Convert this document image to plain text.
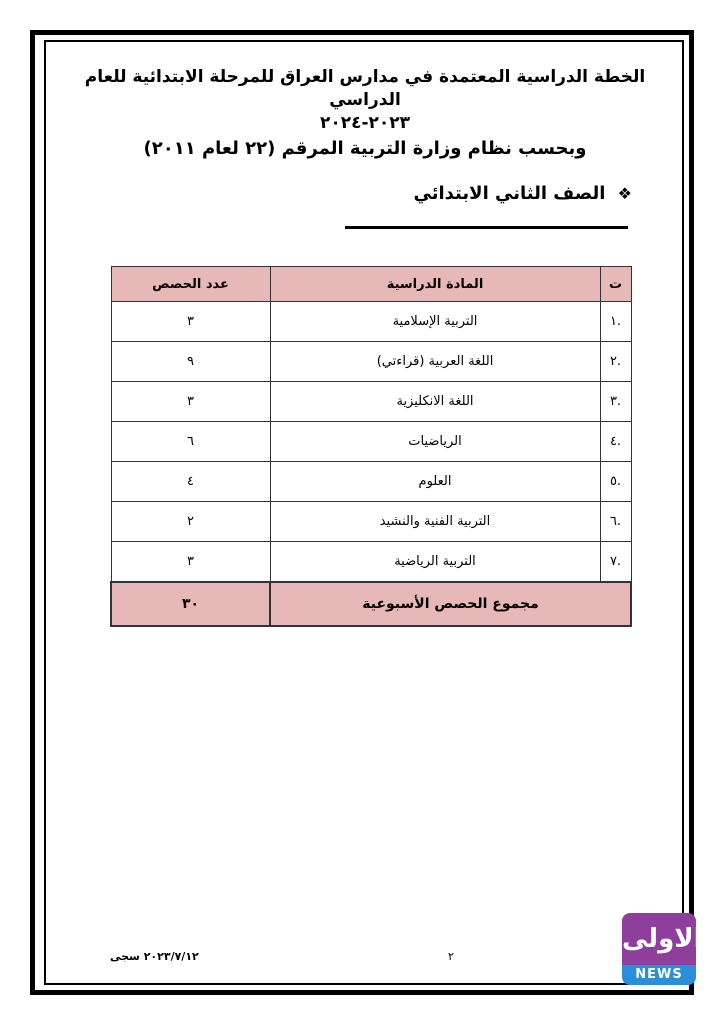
الخطة الدراسية المعتمدة في مدارس العراق للمرحلة الابتدائية للعام الدراسي
٢٠٢٣-٢٠٢٤
وبحسب نظام وزارة التربية المرقم (٢٢ لعام ٢٠١١)
❖ الصف الثاني الابتدائي
ت	المادة الدراسية	عدد الحصص
.١	التربية الإسلامية	٣
.٢	اللغة العربية (قراءتي)	٩
.٣	اللغة الانكليزية	٣
.٤	الرياضيات	٦
.٥	العلوم	٤
.٦	التربية الفنية والنشيد	٢
.٧	التربية الرياضية	٣
مجموع الحصص الأسبوعية		٣٠
٢٠٢٣/٧/١٢ سجى	٢
الاولى
NEWS
